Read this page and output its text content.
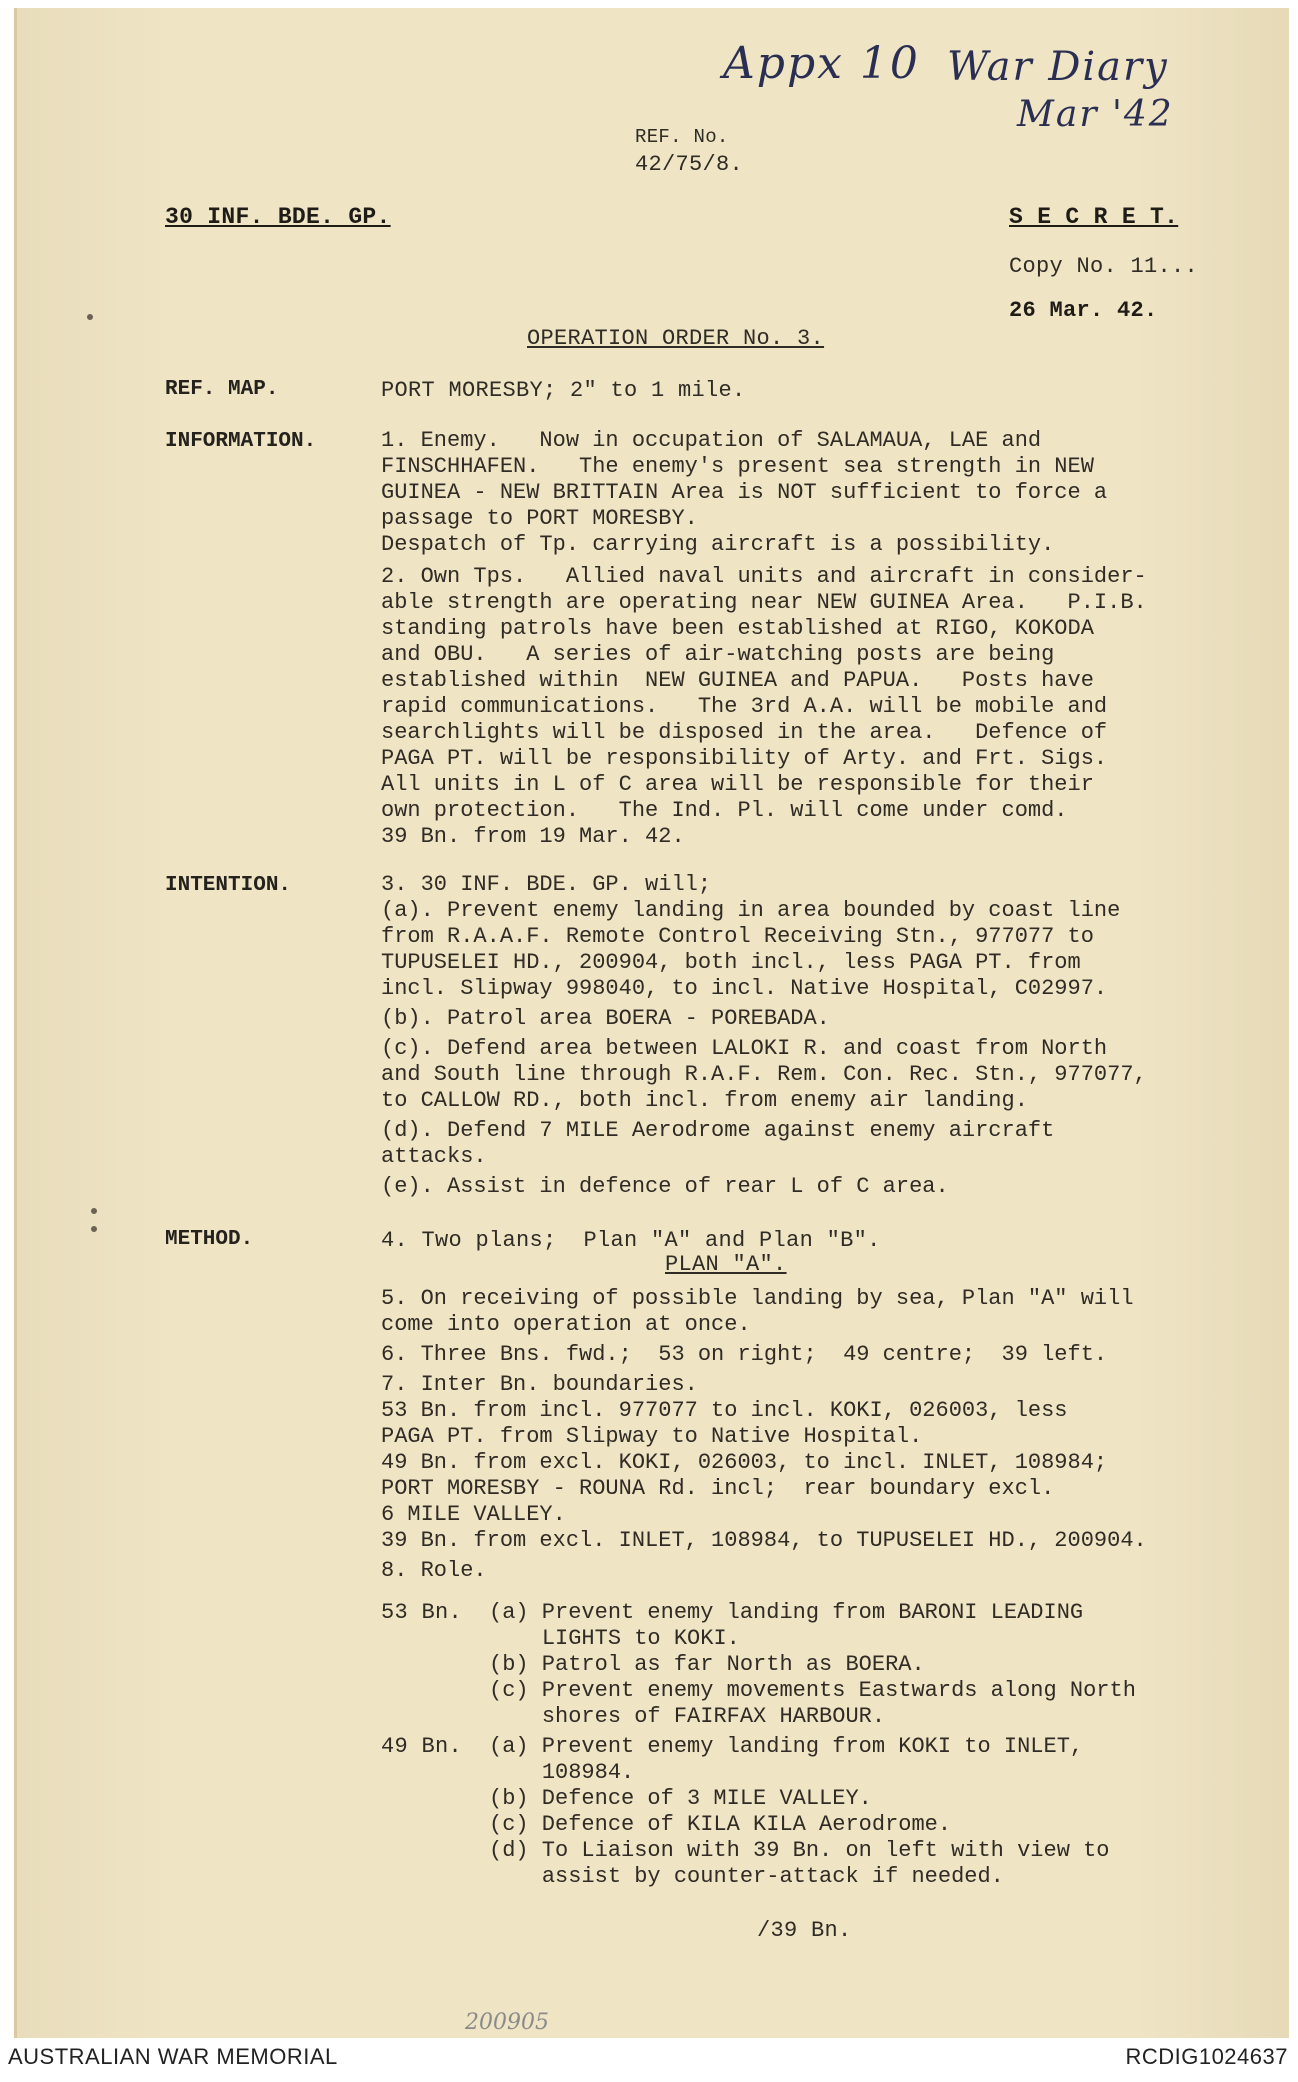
Appx 10 War Diary
Mar '42
REF. No.
42/75/8.
30 INF. BDE. GP.	S E C R E T.
Copy No. 11...
26 Mar. 42.
OPERATION ORDER No. 3.
REF. MAP.	PORT MORESBY; 2" to 1 mile.
INFORMATION.	1. Enemy.   Now in occupation of SALAMAUA, LAE and

FINSCHHAFEN.   The enemy's present sea strength in NEW

GUINEA - NEW BRITTAIN Area is NOT sufficient to force a

passage to PORT MORESBY.

Despatch of Tp. carrying aircraft is a possibility.

2. Own Tps.   Allied naval units and aircraft in consider-

able strength are operating near NEW GUINEA Area.   P.I.B.

standing patrols have been established at RIGO, KOKODA

and OBU.   A series of air-watching posts are being

established within  NEW GUINEA and PAPUA.   Posts have

rapid communications.   The 3rd A.A. will be mobile and

searchlights will be disposed in the area.   Defence of

PAGA PT. will be responsibility of Arty. and Frt. Sigs.

All units in L of C area will be responsible for their

own protection.   The Ind. Pl. will come under comd.

39 Bn. from 19 Mar. 42.

INTENTION.	3. 30 INF. BDE. GP. will;

(a). Prevent enemy landing in area bounded by coast line

from R.A.A.F. Remote Control Receiving Stn., 977077 to

TUPUSELEI HD., 200904, both incl., less PAGA PT. from

incl. Slipway 998040, to incl. Native Hospital, C02997.

(b). Patrol area BOERA - POREBADA.

(c). Defend area between LALOKI R. and coast from North

and South line through R.A.F. Rem. Con. Rec. Stn., 977077,

to CALLOW RD., both incl. from enemy air landing.

(d). Defend 7 MILE Aerodrome against enemy aircraft

attacks.

(e). Assist in defence of rear L of C area.

METHOD.	4. Two plans;  Plan "A" and Plan "B".
PLAN "A".

5. On receiving of possible landing by sea, Plan "A" will

come into operation at once.

6. Three Bns. fwd.;  53 on right;  49 centre;  39 left.

7. Inter Bn. boundaries.

53 Bn. from incl. 977077 to incl. KOKI, 026003, less

PAGA PT. from Slipway to Native Hospital.

49 Bn. from excl. KOKI, 026003, to incl. INLET, 108984;

PORT MORESBY - ROUNA Rd. incl;  rear boundary excl.

6 MILE VALLEY.

39 Bn. from excl. INLET, 108984, to TUPUSELEI HD., 200904.

8. Role.

53 Bn. (a) Prevent enemy landing from BARONI LEADING

LIGHTS to KOKI.

(b) Patrol as far North as BOERA.

(c) Prevent enemy movements Eastwards along North

shores of FAIRFAX HARBOUR.

49 Bn. (a) Prevent enemy landing from KOKI to INLET,

108984.

(b) Defence of 3 MILE VALLEY.

(c) Defence of KILA KILA Aerodrome.

(d) To Liaison with 39 Bn. on left with view to

assist by counter-attack if needed.

/39 Bn.
200905
AUSTRALIAN WAR MEMORIAL	RCDIG1024637
